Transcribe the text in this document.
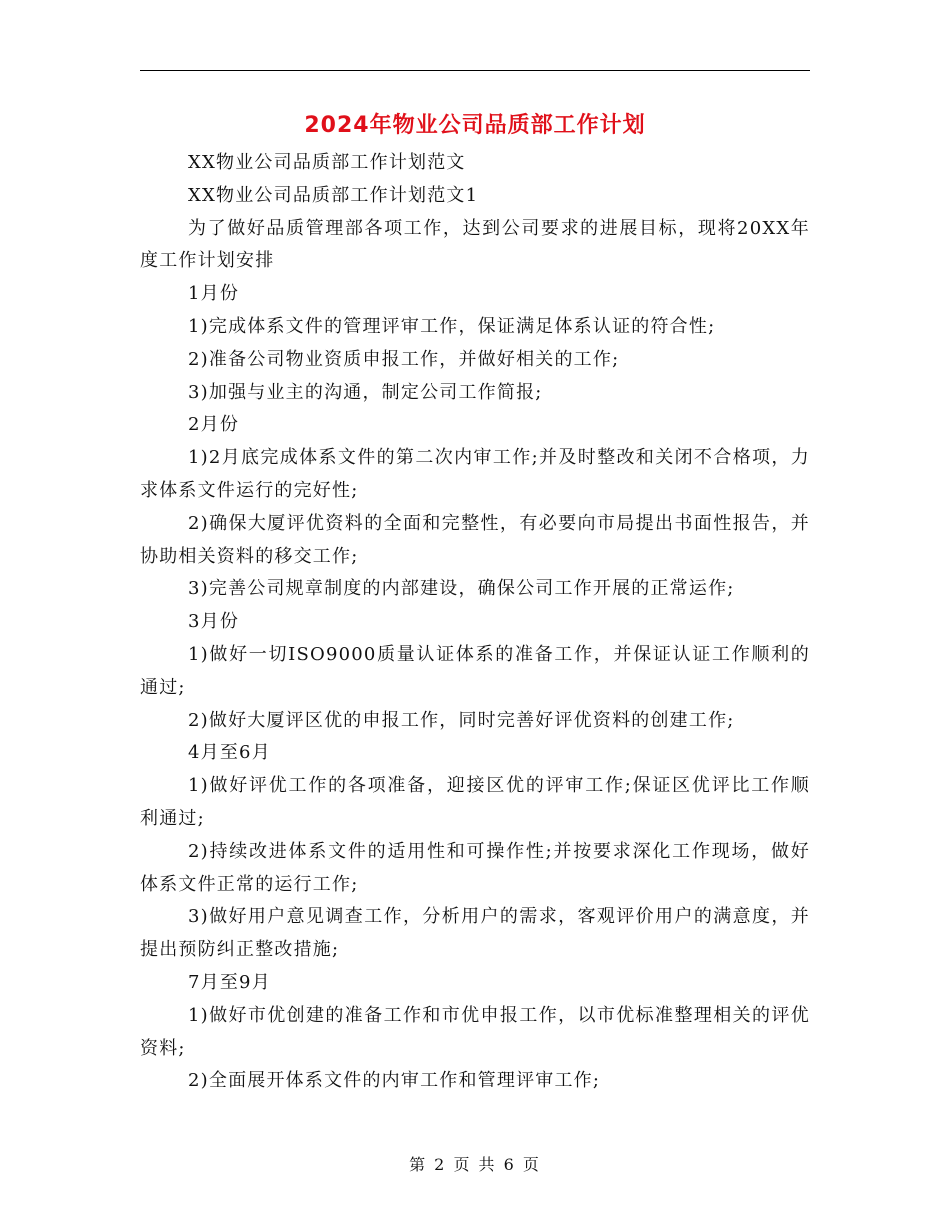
2024年物业公司品质部工作计划

XX物业公司品质部工作计划范文

XX物业公司品质部工作计划范文1

为了做好品质管理部各项工作，达到公司要求的进展目标，现将20XX年度工作计划安排

1月份

1)完成体系文件的管理评审工作，保证满足体系认证的符合性;

2)准备公司物业资质申报工作，并做好相关的工作;

3)加强与业主的沟通，制定公司工作简报;

2月份

1)2月底完成体系文件的第二次内审工作;并及时整改和关闭不合格项，力求体系文件运行的完好性;

2)确保大厦评优资料的全面和完整性，有必要向市局提出书面性报告，并协助相关资料的移交工作;

3)完善公司规章制度的内部建设，确保公司工作开展的正常运作;

3月份

1)做好一切ISO9000质量认证体系的准备工作，并保证认证工作顺利的通过;

2)做好大厦评区优的申报工作，同时完善好评优资料的创建工作;

4月至6月

1)做好评优工作的各项准备，迎接区优的评审工作;保证区优评比工作顺利通过;

2)持续改进体系文件的适用性和可操作性;并按要求深化工作现场，做好体系文件正常的运行工作;

3)做好用户意见调查工作，分析用户的需求，客观评价用户的满意度，并提出预防纠正整改措施;

7月至9月

1)做好市优创建的准备工作和市优申报工作，以市优标准整理相关的评优资料;

2)全面展开体系文件的内审工作和管理评审工作;

第 2 页 共 6 页
